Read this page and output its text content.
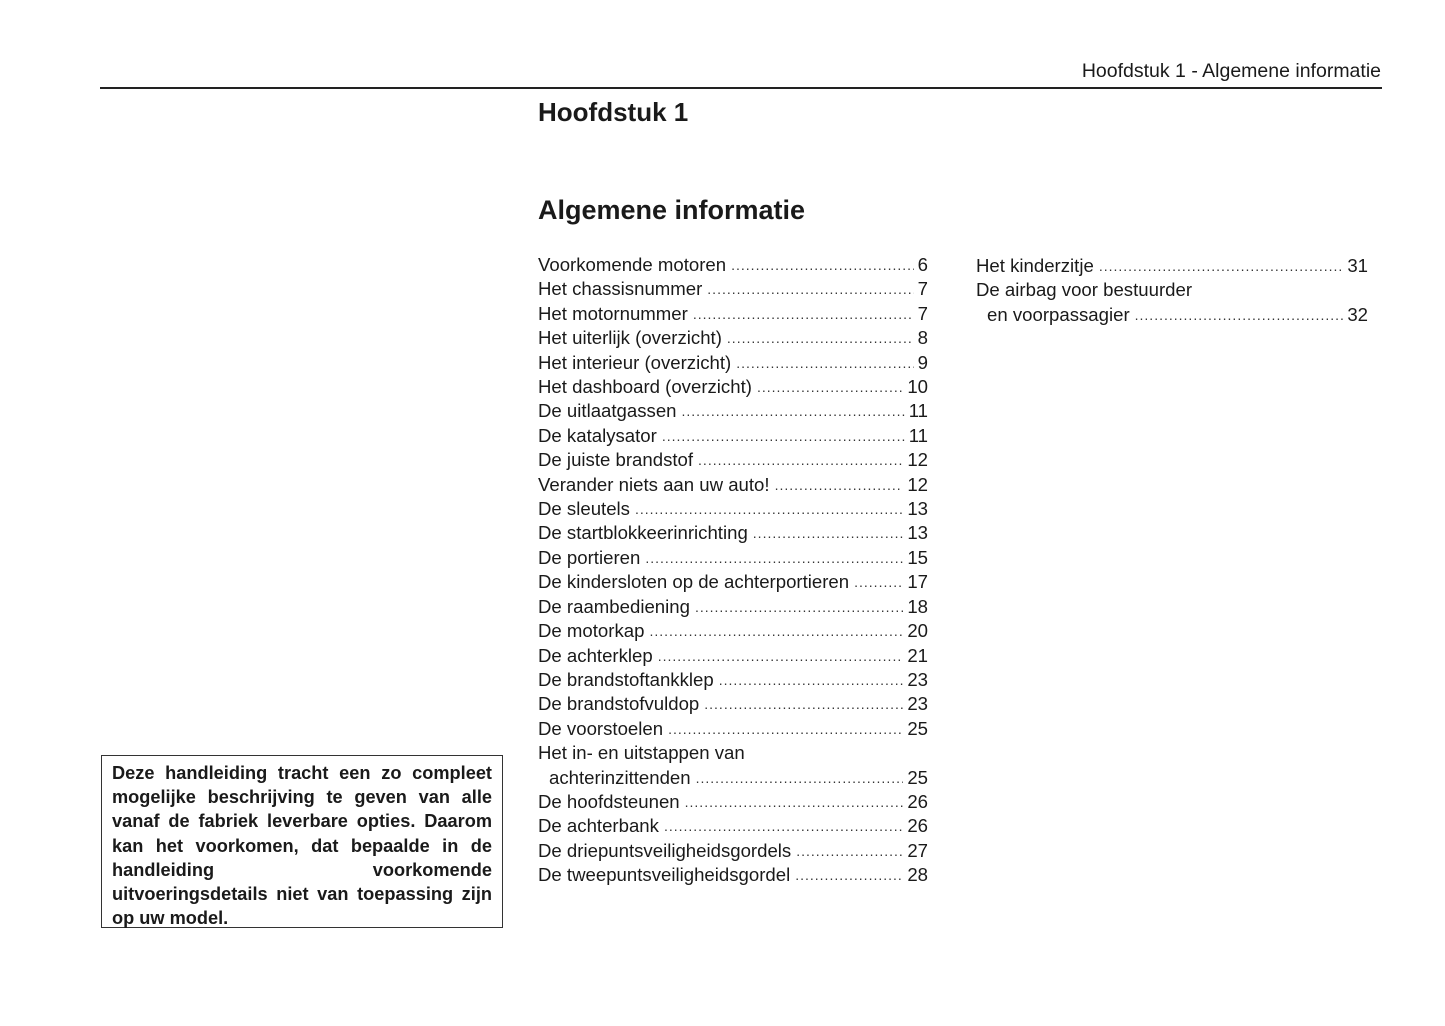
Hoofdstuk 1 - Algemene informatie
Hoofdstuk 1
Algemene informatie
Voorkomende motoren .....	6
Het chassisnummer .....	7
Het motornummer .....	7
Het uiterlijk (overzicht) .....	8
Het interieur (overzicht) .....	9
Het dashboard (overzicht) .....	10
De uitlaatgassen .....	11
De katalysator .....	11
De juiste brandstof .....	12
Verander niets aan uw auto! .....	12
De sleutels .....	13
De startblokkeerinrichting .....	13
De portieren .....	15
De kindersloten op de achterportieren .....	17
De raambediening .....	18
De motorkap .....	20
De achterklep .....	21
De brandstoftankklep .....	23
De brandstofvuldop .....	23
De voorstoelen .....	25
Het in- en uitstappen van
achterinzittenden .....	25
De hoofdsteunen .....	26
De achterbank .....	26
De driepuntsveiligheidsgordels .....	27
De tweepuntsveiligheidsgordel .....	28
Het kinderzitje .....	31
De airbag voor bestuurder
en voorpassagier .....	32
Deze handleiding tracht een zo compleet mogelijke beschrijving te geven van alle vanaf de fabriek leverbare opties. Daarom kan het voorkomen, dat bepaalde in de handleiding voorkomende uitvoeringsdetails niet van toepassing zijn op uw model.
